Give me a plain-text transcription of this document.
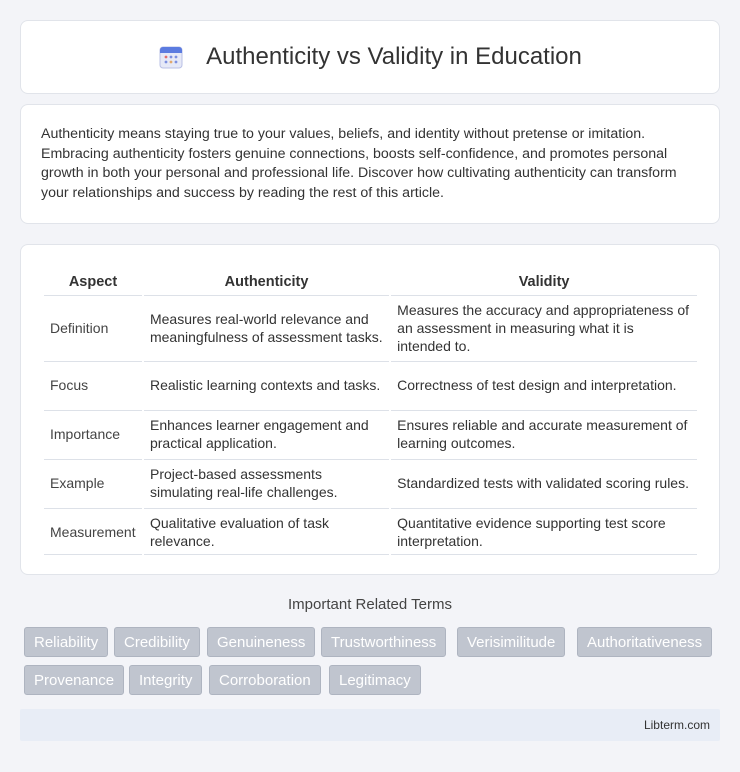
Authenticity vs Validity in Education

Authenticity means staying true to your values, beliefs, and identity without pretense or imitation. Embracing authenticity fosters genuine connections, boosts self-confidence, and promotes personal growth in both your personal and professional life. Discover how cultivating authenticity can transform your relationships and success by reading the rest of this article.

Aspect	Authenticity	Validity
Definition	Measures real-world relevance and meaningfulness of assessment tasks.	Measures the accuracy and appropriateness of an assessment in measuring what it is intended to.
Focus	Realistic learning contexts and tasks.	Correctness of test design and interpretation.
Importance	Enhances learner engagement and practical application.	Ensures reliable and accurate measurement of learning outcomes.
Example	Project-based assessments simulating real-life challenges.	Standardized tests with validated scoring rules.
Measurement	Qualitative evaluation of task relevance.	Quantitative evidence supporting test score interpretation.
Important Related Terms
Reliability	Credibility	Genuineness	Trustworthiness	Verisimilitude	Authoritativeness
Provenance	Integrity	Corroboration	Legitimacy
Libterm.com
